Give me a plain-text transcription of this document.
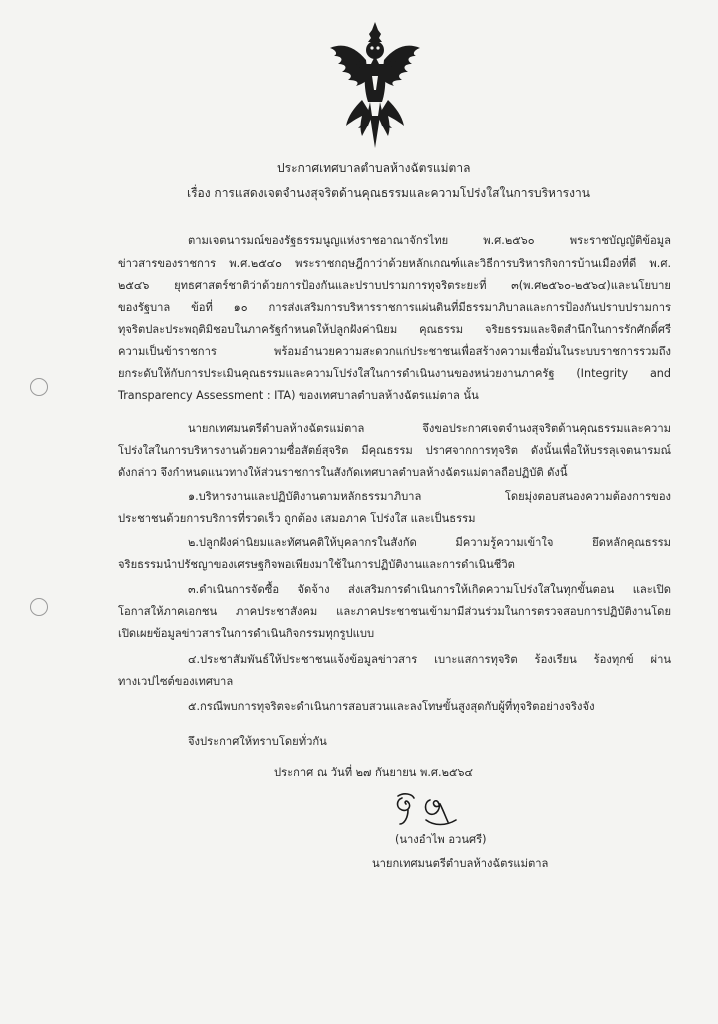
ประกาศเทศบาลตำบลห้างฉัตรแม่ตาล
เรื่อง การแสดงเจตจำนงสุจริตด้านคุณธรรมและความโปร่งใสในการบริหารงาน
ตามเจตนารมณ์ของรัฐธรรมนูญแห่งราชอาณาจักรไทย พ.ศ.๒๕๖๐ พระราชบัญญัติข้อมูล
ข่าวสารของราชการ พ.ศ.๒๕๔๐ พระราชกฤษฎีกาว่าด้วยหลักเกณฑ์และวิธีการบริหารกิจการบ้านเมืองที่ดี พ.ศ.
๒๕๔๖ ยุทธศาสตร์ชาติว่าด้วยการป้องกันและปราบปรามการทุจริตระยะที่ ๓(พ.ศ๒๕๖๐-๒๕๖๔)และนโยบาย
ของรัฐบาล ข้อที่ ๑๐ การส่งเสริมการบริหารราชการแผ่นดินที่มีธรรมาภิบาลและการป้องกันปราบปรามการ
ทุจริตปละประพฤติมิชอบในภาครัฐกำหนดให้ปลูกฝังค่านิยม คุณธรรม จริยธรรมและจิตสำนึกในการรักศักดิ์ศรี
ความเป็นข้าราชการ พร้อมอำนวยความสะดวกแก่ประชาชนเพื่อสร้างความเชื่อมั่นในระบบราชการรวมถึง
ยกระดับให้กับการประเมินคุณธรรมและความโปร่งใสในการดำเนินงานของหน่วยงานภาครัฐ (Integrity and
Transparency Assessment : ITA) ของเทศบาลตำบลห้างฉัตรแม่ตาล นั้น
นายกเทศมนตรีตำบลห้างฉัตรแม่ตาล จึงขอประกาศเจตจำนงสุจริตด้านคุณธรรมและความ
โปร่งใสในการบริหารงานด้วยความซื่อสัตย์สุจริต มีคุณธรรม ปราศจากการทุจริต ดังนั้นเพื่อให้บรรลุเจตนารมณ์
ดังกล่าว จึงกำหนดแนวทางให้ส่วนราชการในสังกัดเทศบาลตำบลห้างฉัตรแม่ตาลถือปฏิบัติ ดังนี้
๑.บริหารงานและปฏิบัติงานตามหลักธรรมาภิบาล โดยมุ่งตอบสนองความต้องการของ
ประชาชนด้วยการบริการที่รวดเร็ว ถูกต้อง เสมอภาค โปร่งใส และเป็นธรรม
๒.ปลูกฝังค่านิยมและทัศนคติให้บุคลากรในสังกัด มีความรู้ความเข้าใจ ยึดหลักคุณธรรม
จริยธรรมนำปรัชญาของเศรษฐกิจพอเพียงมาใช้ในการปฏิบัติงานและการดำเนินชีวิต
๓.ดำเนินการจัดซื้อ จัดจ้าง ส่งเสริมการดำเนินการให้เกิดความโปร่งใสในทุกขั้นตอน และเปิด
โอกาสให้ภาคเอกชน ภาคประชาสังคม และภาคประชาชนเข้ามามีส่วนร่วมในการตรวจสอบการปฏิบัติงานโดย
เปิดเผยข้อมูลข่าวสารในการดำเนินกิจกรรมทุกรูปแบบ
๔.ประชาสัมพันธ์ให้ประชาชนแจ้งข้อมูลข่าวสาร เบาะแสการทุจริต ร้องเรียน ร้องทุกข์ ผ่าน
ทางเวปไซต์ของเทศบาล
๕.กรณีพบการทุจริตจะดำเนินการสอบสวนและลงโทษขั้นสูงสุดกับผู้ที่ทุจริตอย่างจริงจัง
จึงประกาศให้ทราบโดยทั่วกัน
ประกาศ ณ วันที่ ๒๗ กันยายน พ.ศ.๒๕๖๔
(นางอำไพ อวนศรี)
นายกเทศมนตรีตำบลห้างฉัตรแม่ตาล
